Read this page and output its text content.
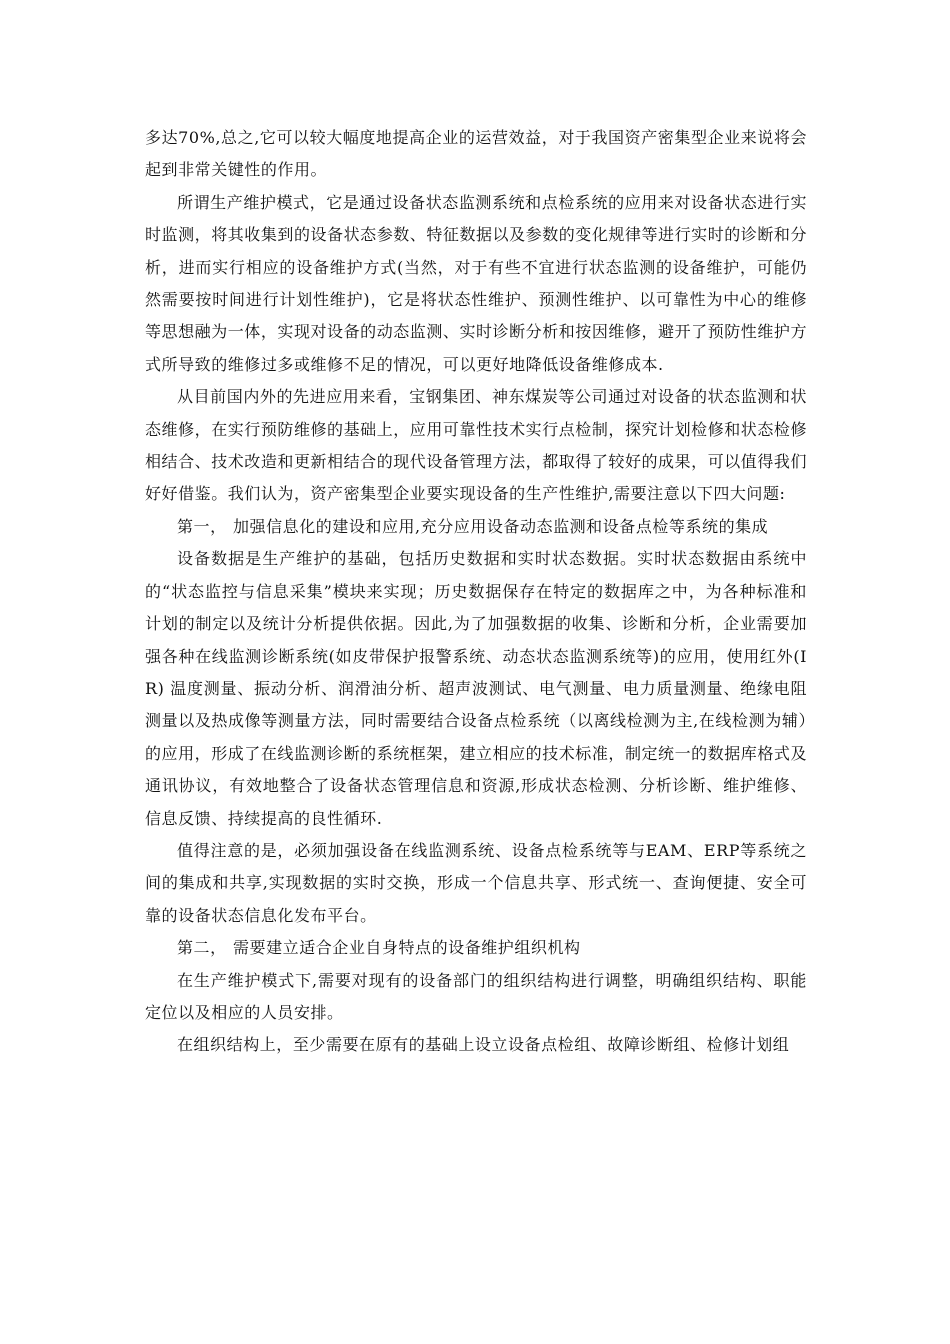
多达70%,总之,它可以较大幅度地提高企业的运营效益，对于我国资产密集型企业来说将会起到非常关键性的作用。

所谓生产维护模式，它是通过设备状态监测系统和点检系统的应用来对设备状态进行实时监测，将其收集到的设备状态参数、特征数据以及参数的变化规律等进行实时的诊断和分析，进而实行相应的设备维护方式(当然，对于有些不宜进行状态监测的设备维护，可能仍然需要按时间进行计划性维护)，它是将状态性维护、预测性维护、以可靠性为中心的维修等思想融为一体，实现对设备的动态监测、实时诊断分析和按因维修，避开了预防性维护方式所导致的维修过多或维修不足的情况，可以更好地降低设备维修成本.

从目前国内外的先进应用来看，宝钢集团、神东煤炭等公司通过对设备的状态监测和状态维修，在实行预防维修的基础上，应用可靠性技术实行点检制，探究计划检修和状态检修相结合、技术改造和更新相结合的现代设备管理方法，都取得了较好的成果，可以值得我们好好借鉴。我们认为，资产密集型企业要实现设备的生产性维护,需要注意以下四大问题:

第一， 加强信息化的建设和应用,充分应用设备动态监测和设备点检等系统的集成

设备数据是生产维护的基础，包括历史数据和实时状态数据。实时状态数据由系统中的“状态监控与信息采集”模块来实现；历史数据保存在特定的数据库之中，为各种标准和计划的制定以及统计分析提供依据。因此,为了加强数据的收集、诊断和分析，企业需要加强各种在线监测诊断系统(如皮带保护报警系统、动态状态监测系统等)的应用，使用红外(IR) 温度测量、振动分析、润滑油分析、超声波测试、电气测量、电力质量测量、绝缘电阻测量以及热成像等测量方法，同时需要结合设备点检系统（以离线检测为主,在线检测为辅）的应用，形成了在线监测诊断的系统框架，建立相应的技术标准，制定统一的数据库格式及通讯协议，有效地整合了设备状态管理信息和资源,形成状态检测、分析诊断、维护维修、信息反馈、持续提高的良性循环.

值得注意的是，必须加强设备在线监测系统、设备点检系统等与EAM、ERP等系统之间的集成和共享,实现数据的实时交换，形成一个信息共享、形式统一、查询便捷、安全可靠的设备状态信息化发布平台。

第二， 需要建立适合企业自身特点的设备维护组织机构

在生产维护模式下,需要对现有的设备部门的组织结构进行调整，明确组织结构、职能定位以及相应的人员安排。

在组织结构上，至少需要在原有的基础上设立设备点检组、故障诊断组、检修计划组
